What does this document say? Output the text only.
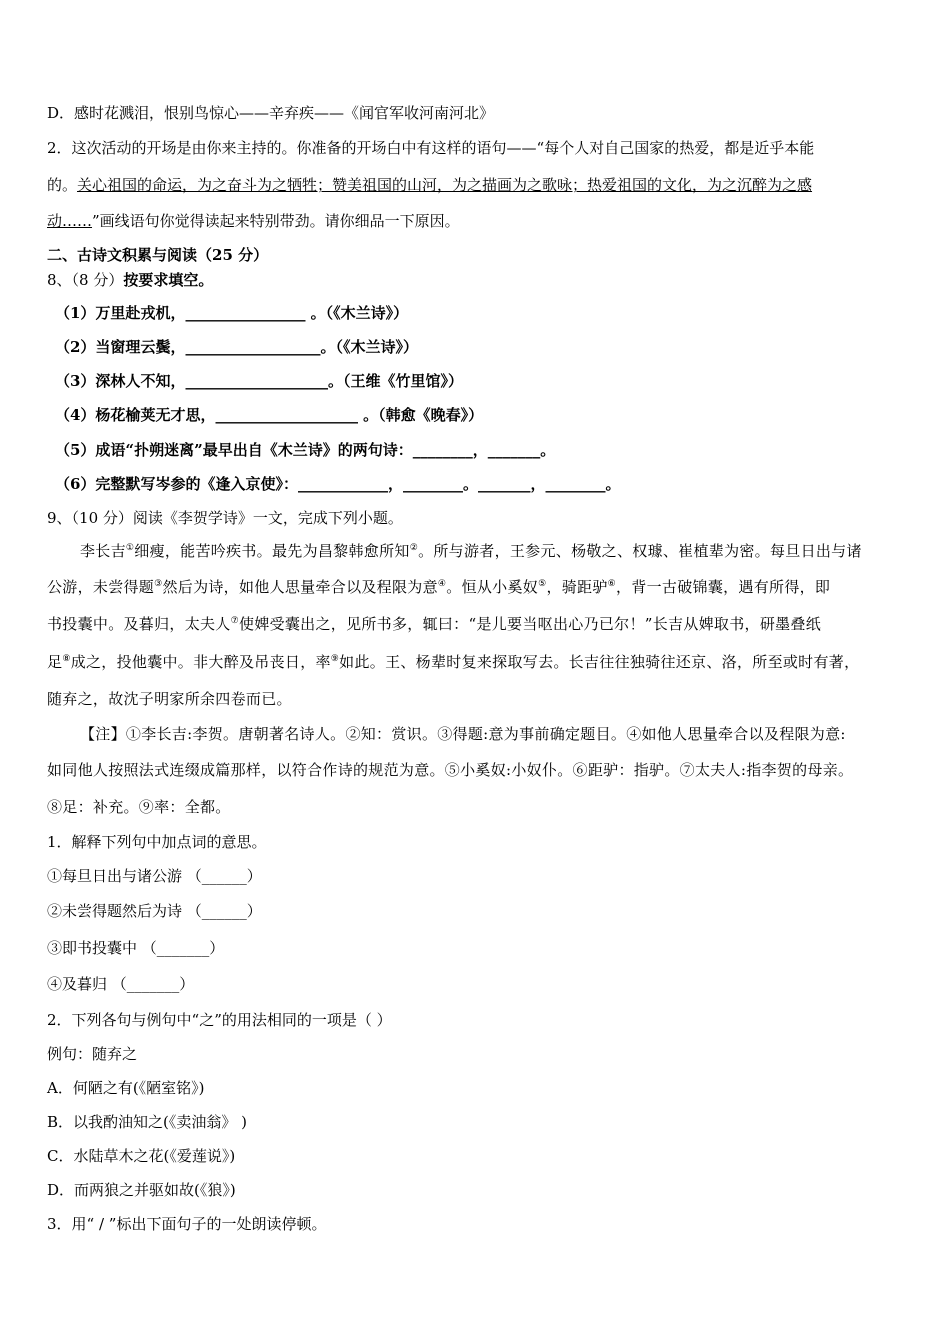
D．感时花溅泪，恨别鸟惊心——辛弃疾——《闻官军收河南河北》
2．这次活动的开场是由你来主持的。你准备的开场白中有这样的语句——“每个人对自己国家的热爱，都是近乎本能
的。关心祖国的命运，为之奋斗为之牺牲；赞美祖国的山河，为之描画为之歌咏；热爱祖国的文化，为之沉醉为之感
动……”画线语句你觉得读起来特别带劲。请你细品一下原因。
二、古诗文积累与阅读（25 分）
8、（8 分）按要求填空。
（1）万里赴戎机，________________ 。（《木兰诗》）
（2）当窗理云鬓，__________________。（《木兰诗》）
（3）深林人不知，___________________。（王维《竹里馆》）
（4）杨花榆荚无才思，___________________ 。（韩愈《晚春》）
（5）成语“扑朔迷离”最早出自《木兰诗》的两句诗：________，_______。
（6）完整默写岑参的《逢入京使》：____________，________。_______，________。
9、（10 分）阅读《李贺学诗》一文，完成下列小题。
李长吉①细瘦，能苦吟疾书。最先为昌黎韩愈所知②。所与游者，王参元、杨敬之、权璩、崔植辈为密。每旦日出与诸
公游，未尝得题③然后为诗，如他人思量牵合以及程限为意④。恒从小奚奴⑤，骑距驴⑥，背一古破锦囊，遇有所得，即
书投囊中。及暮归，太夫人⑦使婢受囊出之，见所书多，辄曰：“是儿要当呕出心乃已尔！”长吉从婢取书，研墨叠纸
足⑧成之，投他囊中。非大醉及吊丧日，率⑨如此。王、杨辈时复来探取写去。长吉往往独骑往还京、洛，所至或时有著，
随弃之，故沈子明家所余四卷而已。
【注】①李长吉:李贺。唐朝著名诗人。②知：赏识。③得题:意为事前确定题目。④如他人思量牵合以及程限为意:
如同他人按照法式连缀成篇那样，以符合作诗的规范为意。⑤小奚奴:小奴仆。⑥距驴：指驴。⑦太夫人:指李贺的母亲。
⑧足：补充。⑨率：全都。
1．解释下列句中加点词的意思。
①每旦日出与诸公游 （______）
②未尝得题然后为诗 （______）
③即书投囊中 （_______）
④及暮归 （_______）
2．下列各句与例句中“之”的用法相同的一项是（ ）
例句：随弃之
A．何陋之有(《陋室铭》)
B．以我酌油知之(《卖油翁》 )
C．水陆草木之花(《爱莲说》)
D．而两狼之并驱如故(《狼》)
3．用“ / ”标出下面句子的一处朗读停顿。
